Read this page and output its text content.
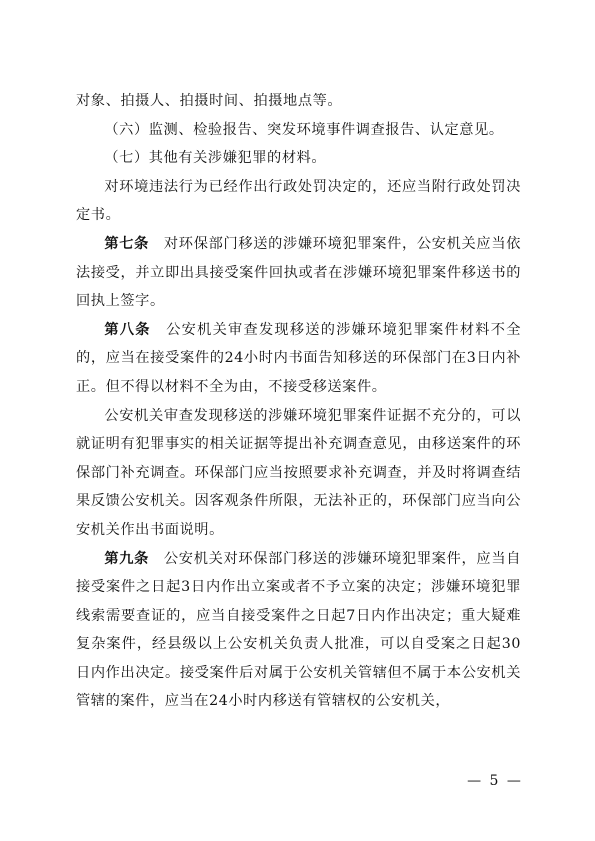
对象、拍摄人、拍摄时间、拍摄地点等。

（六）监测、检验报告、突发环境事件调查报告、认定意见。

（七）其他有关涉嫌犯罪的材料。

对环境违法行为已经作出行政处罚决定的，还应当附行政处罚决定书。

第七条　对环保部门移送的涉嫌环境犯罪案件，公安机关应当依法接受，并立即出具接受案件回执或者在涉嫌环境犯罪案件移送书的回执上签字。

第八条　公安机关审查发现移送的涉嫌环境犯罪案件材料不全的，应当在接受案件的24小时内书面告知移送的环保部门在3日内补正。但不得以材料不全为由，不接受移送案件。

公安机关审查发现移送的涉嫌环境犯罪案件证据不充分的，可以就证明有犯罪事实的相关证据等提出补充调查意见，由移送案件的环保部门补充调查。环保部门应当按照要求补充调查，并及时将调查结果反馈公安机关。因客观条件所限，无法补正的，环保部门应当向公安机关作出书面说明。

第九条　公安机关对环保部门移送的涉嫌环境犯罪案件，应当自接受案件之日起3日内作出立案或者不予立案的决定；涉嫌环境犯罪线索需要查证的，应当自接受案件之日起7日内作出决定；重大疑难复杂案件，经县级以上公安机关负责人批准，可以自受案之日起30日内作出决定。接受案件后对属于公安机关管辖但不属于本公安机关管辖的案件，应当在24小时内移送有管辖权的公安机关，

— 5 —
